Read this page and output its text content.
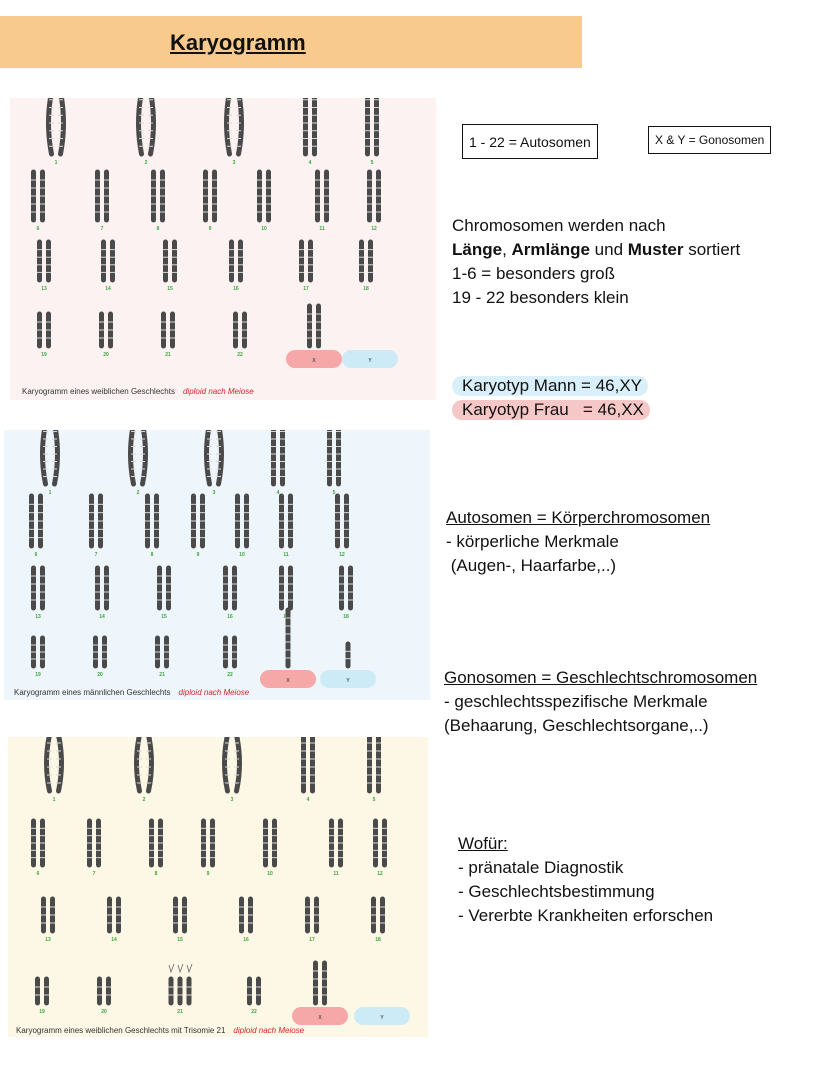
Karyogramm
1	2	3	4	5
6	7	8	9	10	11	12
13	14	15	16	17	18
19	20	21	22
X	Y
Karyogramm eines weiblichen Geschlechts diploid nach Meiose
1	2	3	4	5
6	7	8	9	10	11	12
13	14	15	16	17	18
19	20	21	22
X	Y
Karyogramm eines männlichen Geschlechts diploid nach Meiose
1	2	3	4	5
6	7	8	9	10	11	12
13	14	15	16	17	18
19	20	21	22
X	Y
Karyogramm eines weiblichen Geschlechts mit Trisomie 21 diploid nach Meiose
1 - 22 = Autosomen	X & Y = Gonosomen
Chromosomen werden nach
Länge, Armlänge und Muster sortiert
1-6 = besonders groß
19 - 22 besonders klein
Karyotyp Mann = 46,XY
Karyotyp Frau   = 46,XX
Autosomen = Körperchromosomen
- körperliche Merkmale
(Augen-, Haarfarbe,..)
Gonosomen = Geschlechtschromosomen
- geschlechtsspezifische Merkmale
(Behaarung, Geschlechtsorgane,..)
Wofür:
- pränatale Diagnostik
- Geschlechtsbestimmung
- Vererbte Krankheiten erforschen
